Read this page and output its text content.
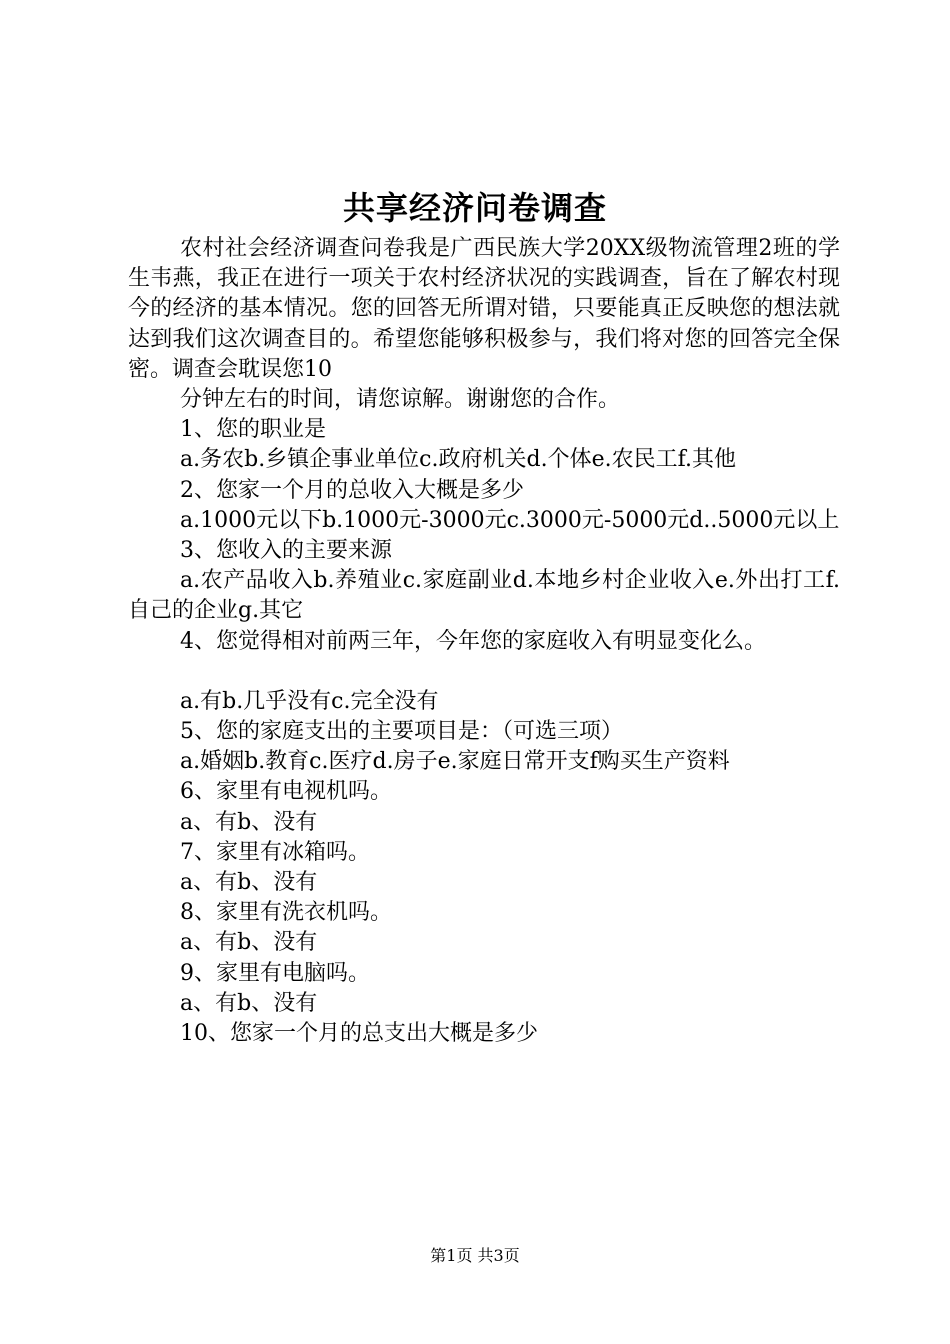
共享经济问卷调查

农村社会经济调查问卷我是广西民族大学20XX级物流管理2班的学生韦燕，我正在进行一项关于农村经济状况的实践调查，旨在了解农村现今的经济的基本情况。您的回答无所谓对错，只要能真正反映您的想法就达到我们这次调查目的。希望您能够积极参与，我们将对您的回答完全保密。调查会耽误您10

分钟左右的时间，请您谅解。谢谢您的合作。

1、您的职业是

a.务农b.乡镇企事业单位c.政府机关d.个体e.农民工f.其他

2、您家一个月的总收入大概是多少

a.1000元以下b.1000元-3000元c.3000元-5000元d..5000元以上

3、您收入的主要来源

a.农产品收入b.养殖业c.家庭副业d.本地乡村企业收入e.外出打工f.自己的企业g.其它

4、您觉得相对前两三年，今年您的家庭收入有明显变化么。

a.有b.几乎没有c.完全没有

5、您的家庭支出的主要项目是：（可选三项）

a.婚姻b.教育c.医疗d.房子e.家庭日常开支f购买生产资料

6、家里有电视机吗。

a、有b、没有

7、家里有冰箱吗。

a、有b、没有

8、家里有洗衣机吗。

a、有b、没有

9、家里有电脑吗。

a、有b、没有

10、您家一个月的总支出大概是多少

第1页 共3页
